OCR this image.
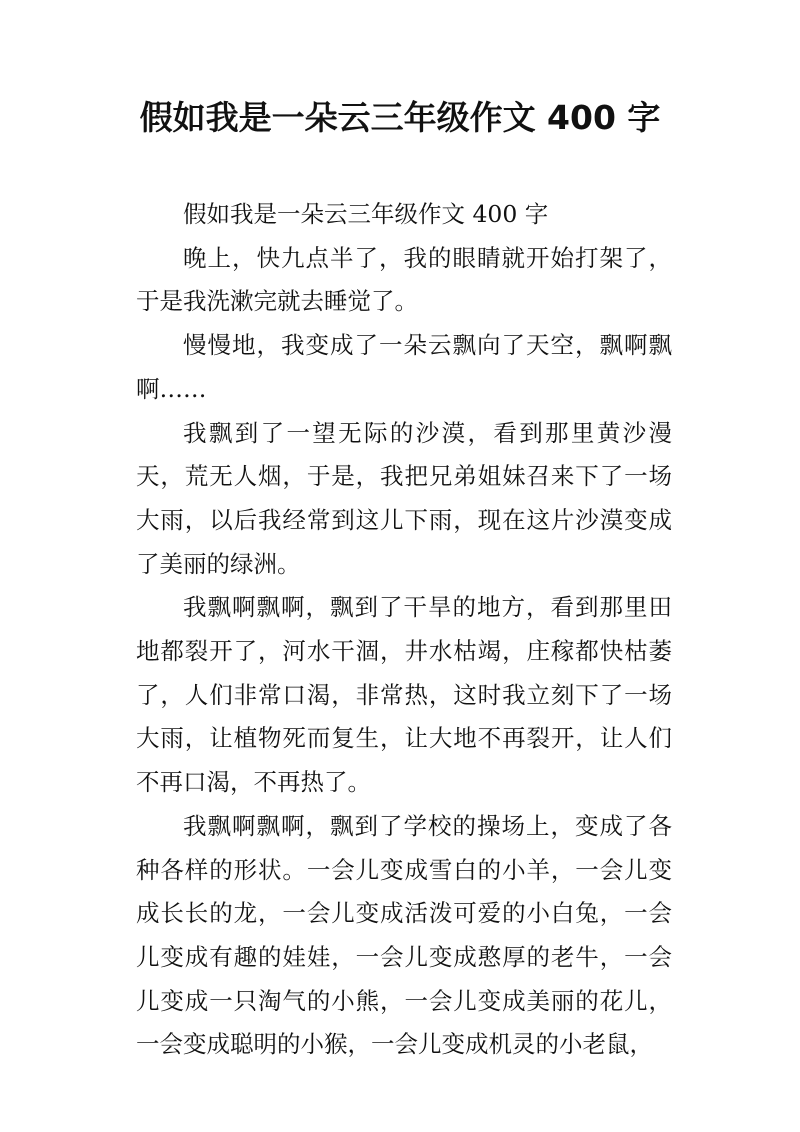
假如我是一朵云三年级作文 400 字

假如我是一朵云三年级作文 400 字

晚上，快九点半了，我的眼睛就开始打架了，于是我洗漱完就去睡觉了。

慢慢地，我变成了一朵云飘向了天空，飘啊飘啊……

我飘到了一望无际的沙漠，看到那里黄沙漫天，荒无人烟，于是，我把兄弟姐妹召来下了一场大雨，以后我经常到这儿下雨，现在这片沙漠变成了美丽的绿洲。

我飘啊飘啊，飘到了干旱的地方，看到那里田地都裂开了，河水干涸，井水枯竭，庄稼都快枯萎了，人们非常口渴，非常热，这时我立刻下了一场大雨，让植物死而复生，让大地不再裂开，让人们不再口渴，不再热了。

我飘啊飘啊，飘到了学校的操场上，变成了各种各样的形状。一会儿变成雪白的小羊，一会儿变成长长的龙，一会儿变成活泼可爱的小白兔，一会儿变成有趣的娃娃，一会儿变成憨厚的老牛，一会儿变成一只淘气的小熊，一会儿变成美丽的花儿，一会变成聪明的小猴，一会儿变成机灵的小老鼠，
